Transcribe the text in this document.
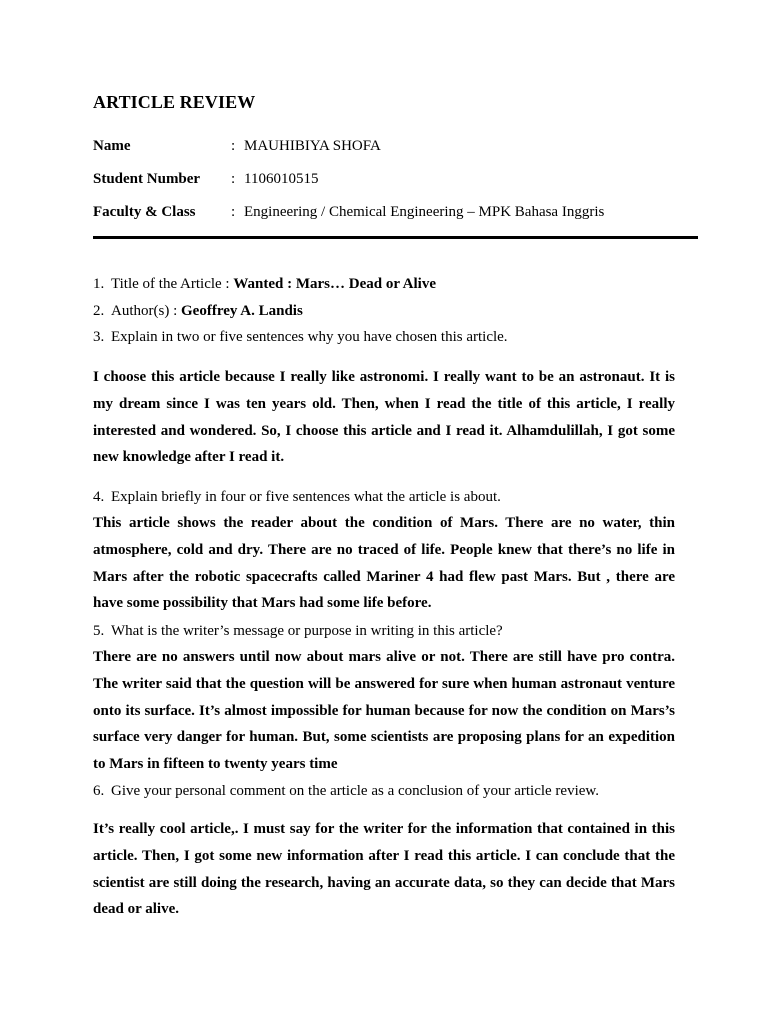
ARTICLE REVIEW
Name	: MAUHIBIYA SHOFA
Student Number : 1106010515
Faculty & Class : Engineering / Chemical Engineering – MPK Bahasa Inggris
1. Title of the Article : Wanted : Mars… Dead or Alive
2. Author(s) : Geoffrey A. Landis
3. Explain in two or five sentences why you have chosen this article.
I choose this article because I really like astronomi. I really want to be an astronaut. It is my dream since I was ten years old. Then, when I read the title of this article, I really interested and wondered. So, I choose this article and I read it. Alhamdulillah, I got some new knowledge after I read it.
4. Explain briefly in four or five sentences what the article is about.
This article shows the reader about the condition of Mars. There are no water, thin atmosphere, cold and dry. There are no traced of life. People knew that there’s no life in Mars after the robotic spacecrafts called Mariner 4 had flew past Mars. But , there are have some possibility that Mars had some life before.
5. What is the writer’s message or purpose in writing in this article?
There are no answers until now about mars alive or not. There are still have pro contra. The writer said that the question will be answered for sure when human astronaut venture onto its surface. It’s almost impossible for human because for now the condition on Mars’s surface very danger for human. But, some scientists are proposing plans for an expedition to Mars in fifteen to twenty years time
6. Give your personal comment on the article as a conclusion of your article review.
It’s really cool article,. I must say for the writer for the information that contained in this article. Then, I got some new information after I read this article. I can conclude that the scientist are still doing the research, having an accurate data, so they can decide that Mars dead or alive.
